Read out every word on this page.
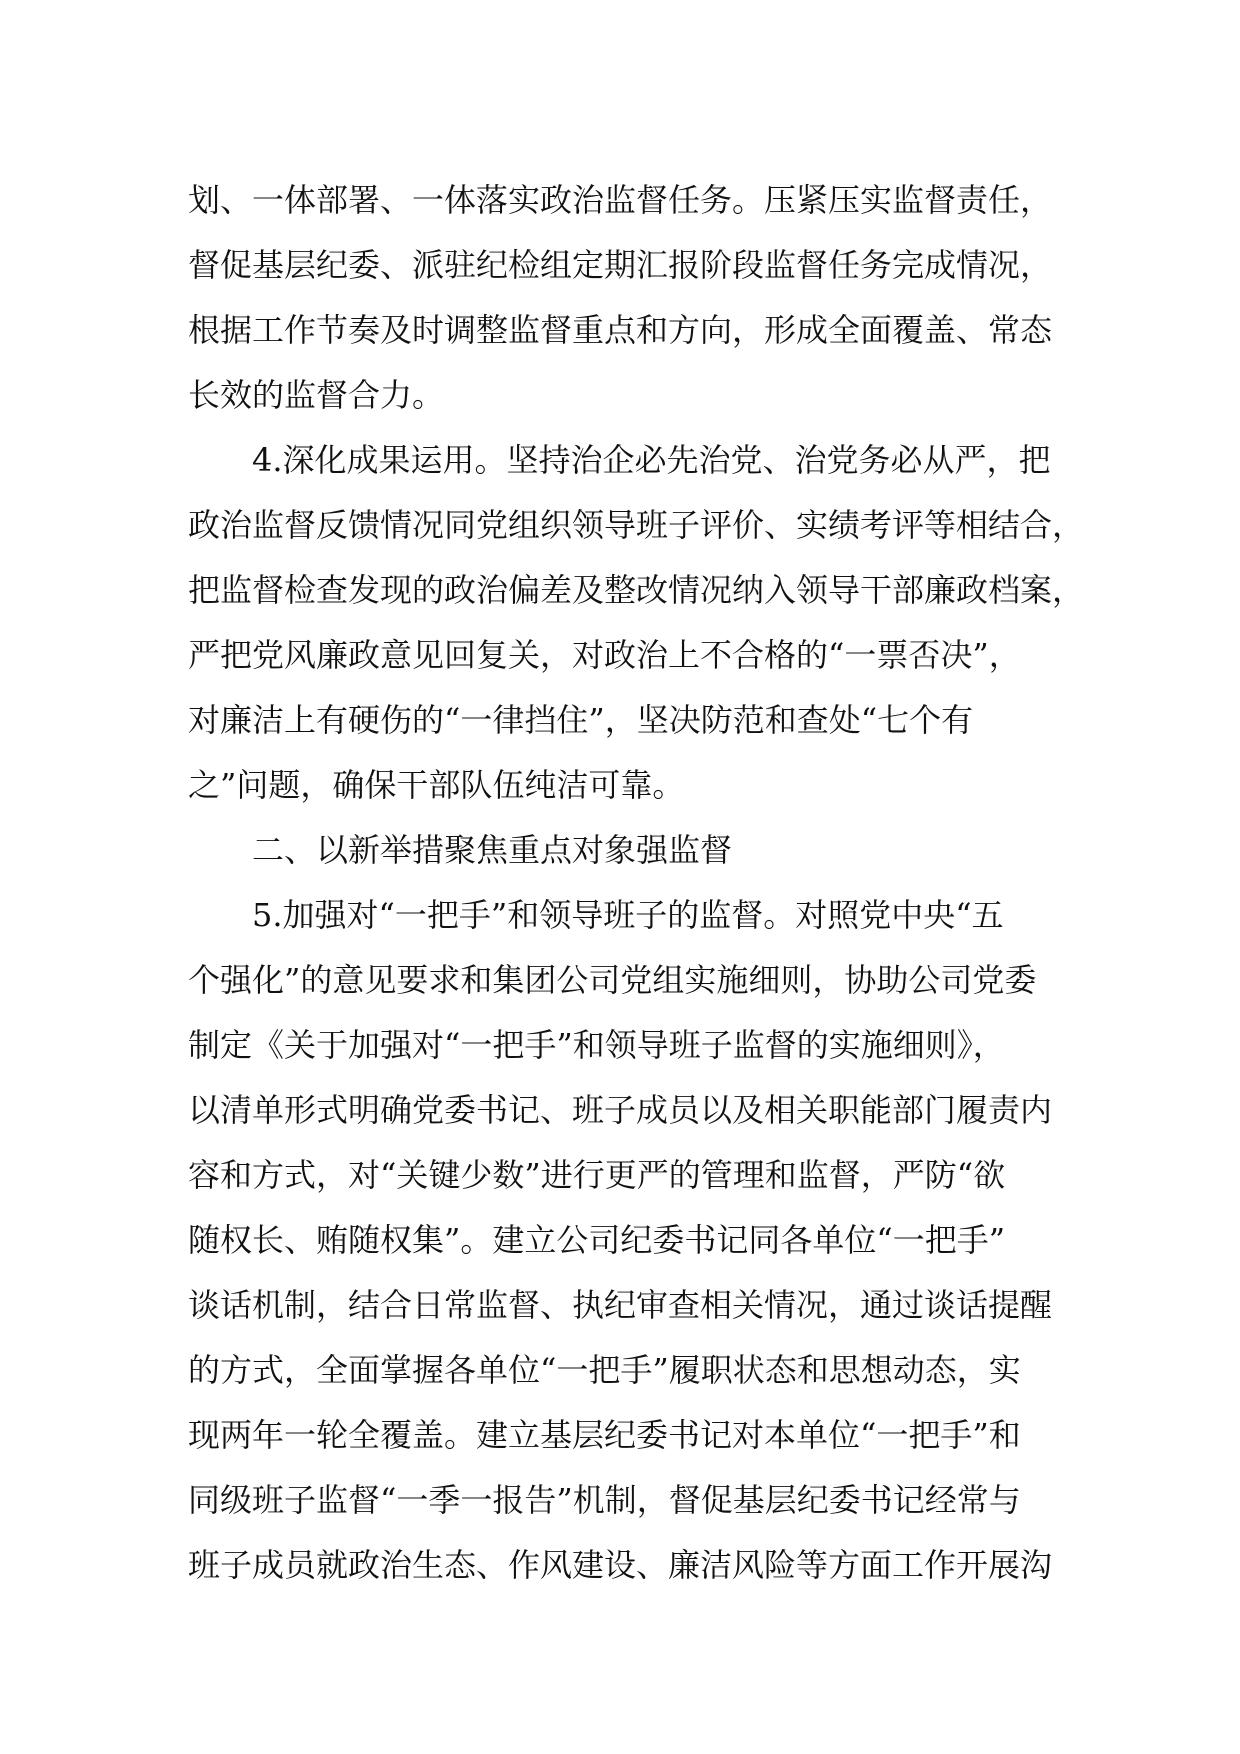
划、一体部署、一体落实政治监督任务。压紧压实监督责任，
督促基层纪委、派驻纪检组定期汇报阶段监督任务完成情况，
根据工作节奏及时调整监督重点和方向，形成全面覆盖、常态
长效的监督合力。
4.深化成果运用。坚持治企必先治党、治党务必从严，把
政治监督反馈情况同党组织领导班子评价、实绩考评等相结合，
把监督检查发现的政治偏差及整改情况纳入领导干部廉政档案，
严把党风廉政意见回复关，对政治上不合格的“一票否决”，
对廉洁上有硬伤的“一律挡住”，坚决防范和查处“七个有
之”问题，确保干部队伍纯洁可靠。
二、以新举措聚焦重点对象强监督
5.加强对“一把手”和领导班子的监督。对照党中央“五
个强化”的意见要求和集团公司党组实施细则，协助公司党委
制定《关于加强对“一把手”和领导班子监督的实施细则》，
以清单形式明确党委书记、班子成员以及相关职能部门履责内
容和方式，对“关键少数”进行更严的管理和监督，严防“欲
随权长、贿随权集”。建立公司纪委书记同各单位“一把手”
谈话机制，结合日常监督、执纪审查相关情况，通过谈话提醒
的方式，全面掌握各单位“一把手”履职状态和思想动态，实
现两年一轮全覆盖。建立基层纪委书记对本单位“一把手”和
同级班子监督“一季一报告”机制，督促基层纪委书记经常与
班子成员就政治生态、作风建设、廉洁风险等方面工作开展沟
